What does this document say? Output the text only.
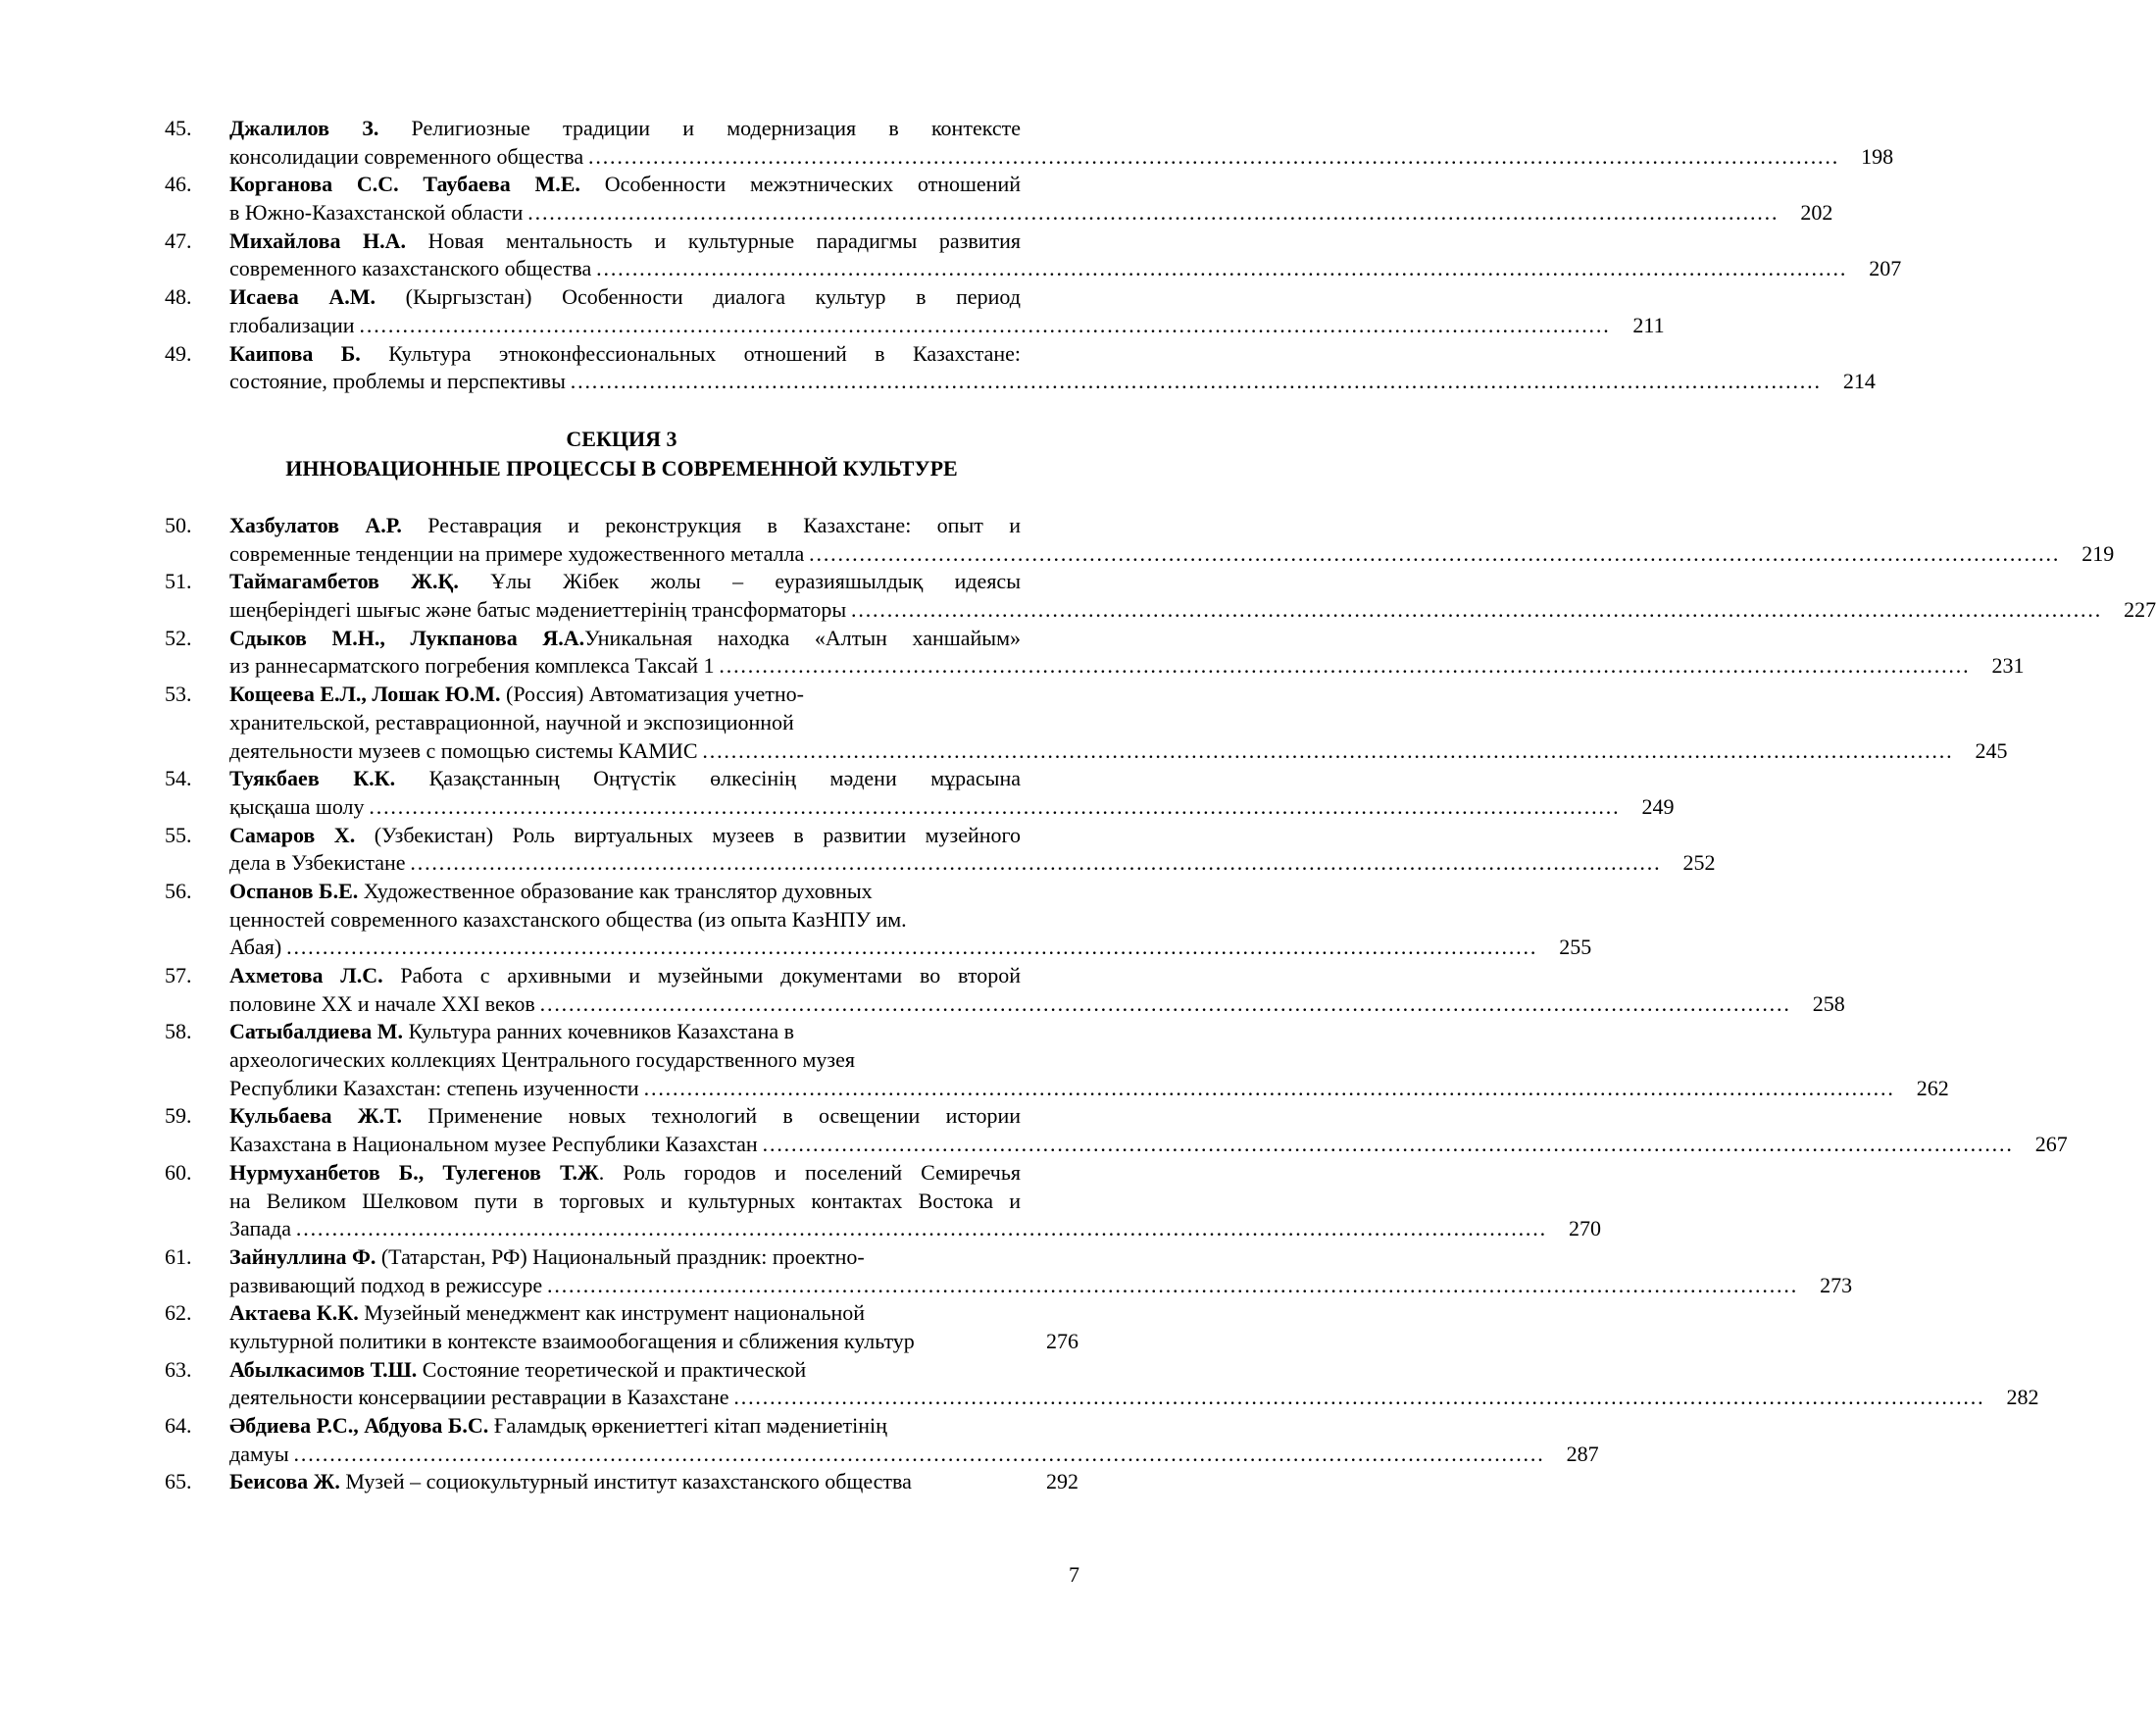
45.	Джалилов З. Религиозные традиции и модернизация в контексте
консолидации современного общества …………………………………………………………………………………………………………………………………………………………	198
46.	Корганова С.С. Таубаева М.Е. Особенности межэтнических отношений
в Южно-Казахстанской области …………………………………………………………………………………………………………………………………………………………	202
47.	Михайлова Н.А. Новая ментальность и культурные парадигмы развития
современного казахстанского общества …………………………………………………………………………………………………………………………………………………………	207
48.	Исаева А.М. (Кыргызстан) Особенности диалога культур в период
глобализации …………………………………………………………………………………………………………………………………………………………	211
49.	Каипова Б. Культура этноконфессиональных отношений в Казахстане:
состояние, проблемы и перспективы …………………………………………………………………………………………………………………………………………………………	214
СЕКЦИЯ 3
ИННОВАЦИОННЫЕ ПРОЦЕССЫ В СОВРЕМЕННОЙ КУЛЬТУРЕ
50.	Хазбулатов А.Р. Реставрация и реконструкция в Казахстане: опыт и
современные тенденции на примере художественного металла …………………………………………………………………………………………………………………………………………………………	219
51.	Таймагамбетов Ж.Қ. Ұлы Жібек жолы – еуразияшылдық идеясы
шеңберіндегі шығыс және батыс мәдениеттерінің трансформаторы …………………………………………………………………………………………………………………………………………………………	227
52.	Сдыков М.Н., Лукпанова Я.А.Уникальная находка «Алтын ханшайым»
из раннесарматского погребения комплекса Таксай 1 …………………………………………………………………………………………………………………………………………………………	231
53.	Кощеева Е.Л., Лошак Ю.М. (Россия) Автоматизация учетно-
хранительской, реставрационной, научной и экспозиционной
деятельности музеев с помощью системы КАМИС …………………………………………………………………………………………………………………………………………………………	245
54.	Туякбаев К.К. Қазақстанның Оңтүстік өлкесінің мәдени мұрасына
қысқаша шолу …………………………………………………………………………………………………………………………………………………………	249
55.	Самаров Х. (Узбекистан) Роль виртуальных музеев в развитии музейного
дела в Узбекистане …………………………………………………………………………………………………………………………………………………………	252
56.	Оспанов Б.Е. Художественное образование как транслятор духовных
ценностей современного казахстанского общества (из опыта КазНПУ им.
Абая) …………………………………………………………………………………………………………………………………………………………	255
57.	Ахметова Л.С. Работа с архивными и музейными документами во второй
половине XX и начале XXI веков …………………………………………………………………………………………………………………………………………………………	258
58.	Сатыбалдиева М. Культура ранних кочевников Казахстана в
археологических коллекциях Центрального государственного музея
Республики Казахстан: степень изученности …………………………………………………………………………………………………………………………………………………………	262
59.	Кульбаева Ж.Т. Применение новых технологий в освещении истории
Казахстана в Национальном музее Республики Казахстан …………………………………………………………………………………………………………………………………………………………	267
60.	Нурмуханбетов Б., Тулегенов Т.Ж. Роль городов и поселений Семиречья
на Великом Шелковом пути в торговых и культурных контактах Востока и
Запада …………………………………………………………………………………………………………………………………………………………	270
61.	Зайнуллина Ф. (Татарстан, РФ) Национальный праздник: проектно-
развивающий подход в режиссуре …………………………………………………………………………………………………………………………………………………………	273
62.	Актаева К.К. Музейный менеджмент как инструмент национальной
культурной политики в контексте взаимообогащения и сближения культур	276
63.	Абылкасимов Т.Ш. Состояние теоретической и практической
деятельности консервациии реставрации в Казахстане …………………………………………………………………………………………………………………………………………………………	282
64.	Әбдиева Р.С., Абдуова Б.С. Ғаламдық өркениеттегі кітап мәдениетінің
дамуы …………………………………………………………………………………………………………………………………………………………	287
65.	Беисова Ж. Музей – социокультурный институт казахстанского общества	292
7
